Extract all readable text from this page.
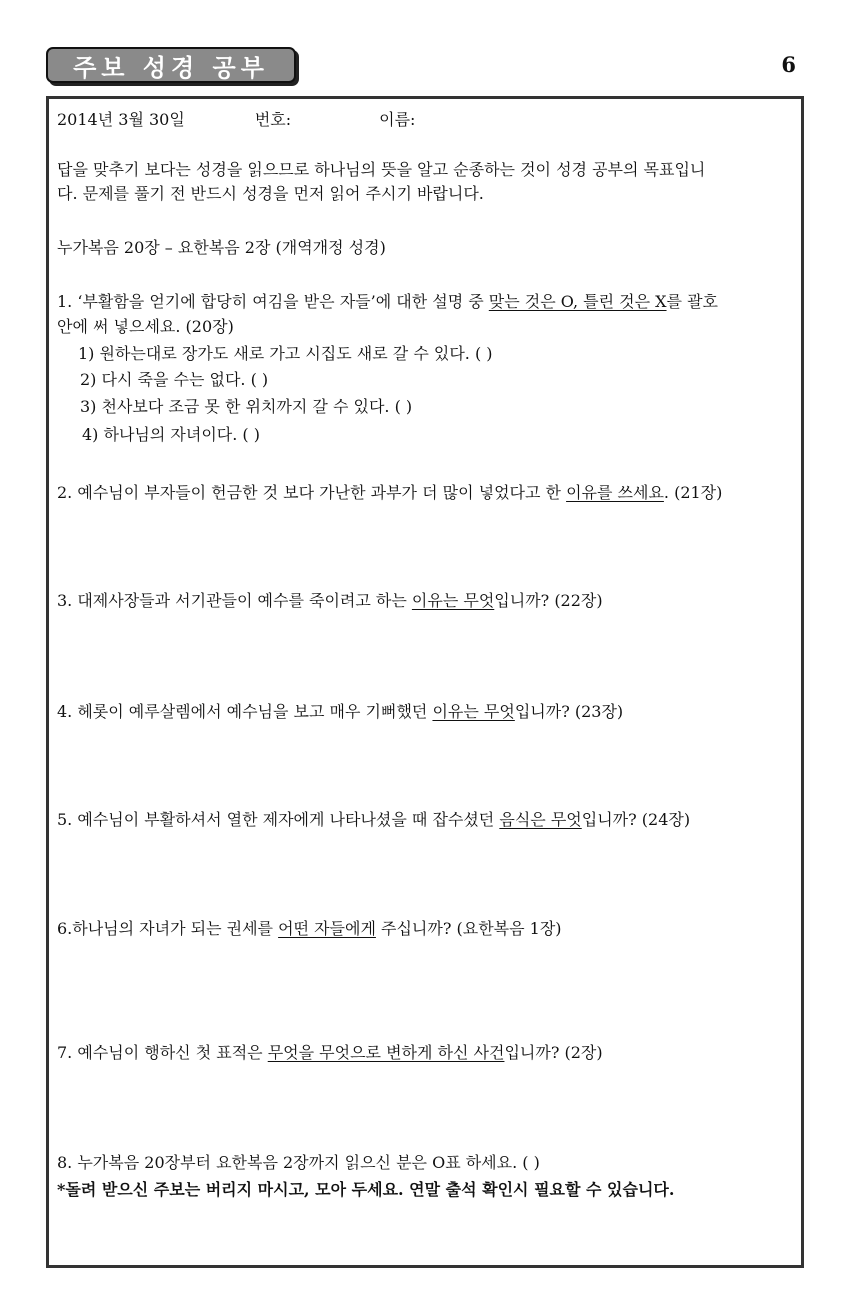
주보 성경 공부	6
2014년 3월 30일	번호:	이름:
답을 맞추기 보다는 성경을 읽으므로 하나님의 뜻을 알고 순종하는 것이 성경 공부의 목표입니
다. 문제를 풀기 전 반드시 성경을 먼저 읽어 주시기 바랍니다.
누가복음 20장 – 요한복음 2장 (개역개정 성경)
1. ‘부활함을 얻기에 합당히 여김을 받은 자들’에 대한 설명 중 맞는 것은 O, 틀린 것은 X를 괄호
안에 써 넣으세요. (20장)
1) 원하는대로 장가도 새로 가고 시집도 새로 갈 수 있다. ( )
2) 다시 죽을 수는 없다. ( )
3) 천사보다 조금 못 한 위치까지 갈 수 있다. ( )
4) 하나님의 자녀이다. ( )
2. 예수님이 부자들이 헌금한 것 보다 가난한 과부가 더 많이 넣었다고 한 이유를 쓰세요. (21장)
3. 대제사장들과 서기관들이 예수를 죽이려고 하는 이유는 무엇입니까? (22장)
4. 헤롯이 예루살렘에서 예수님을 보고 매우 기뻐했던 이유는 무엇입니까? (23장)
5. 예수님이 부활하셔서 열한 제자에게 나타나셨을 때 잡수셨던 음식은 무엇입니까? (24장)
6.하나님의 자녀가 되는 권세를 어떤 자들에게 주십니까? (요한복음 1장)
7. 예수님이 행하신 첫 표적은 무엇을 무엇으로 변하게 하신 사건입니까? (2장)
8. 누가복음 20장부터 요한복음 2장까지 읽으신 분은 O표 하세요. ( )
*돌려 받으신 주보는 버리지 마시고, 모아 두세요. 연말 출석 확인시 필요할 수 있습니다.
